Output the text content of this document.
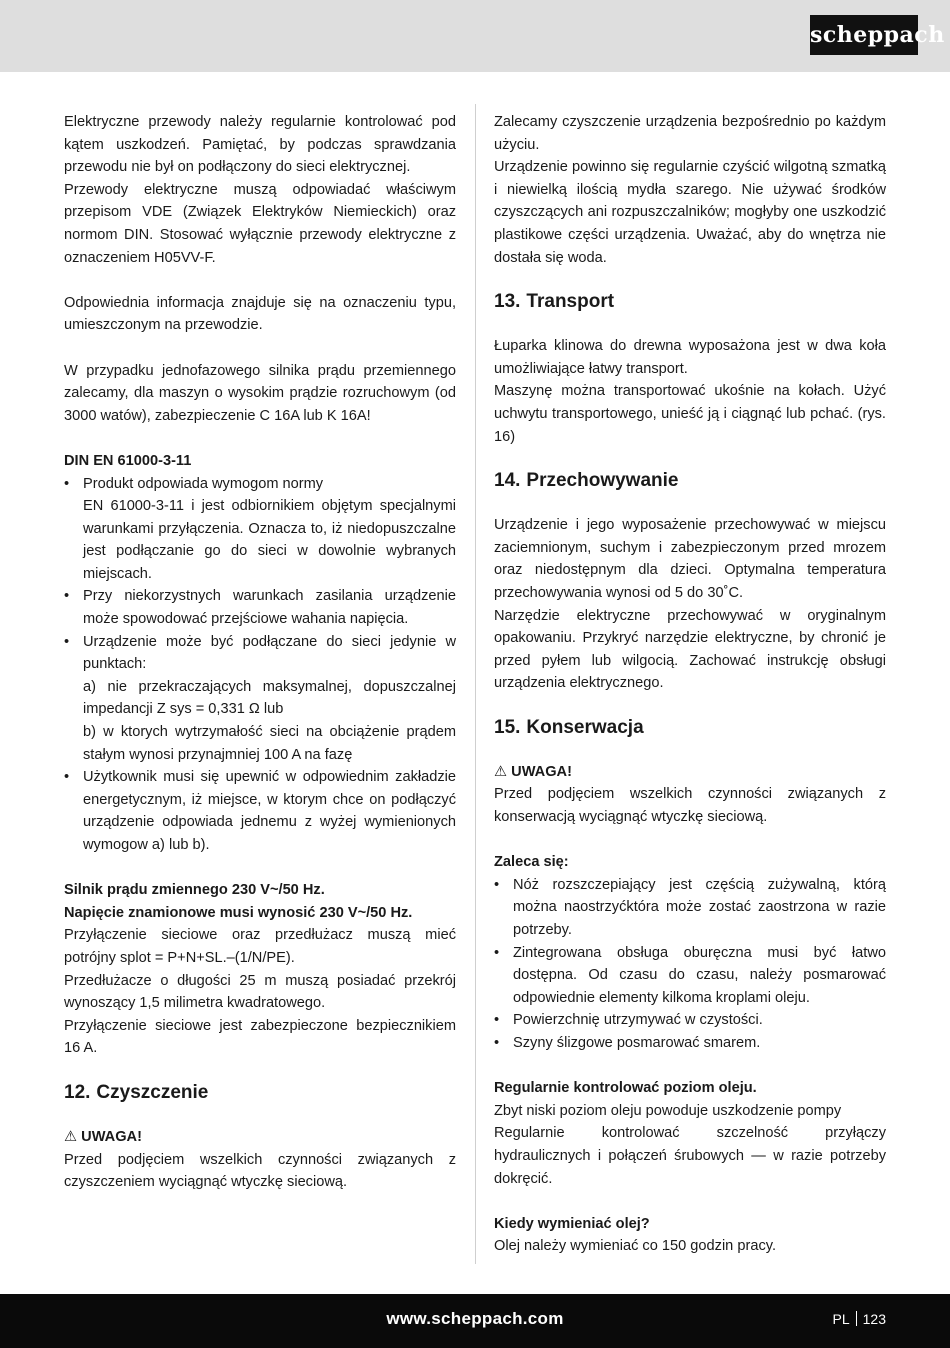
scheppach

Elektryczne przewody należy regularnie kontrolować pod kątem uszkodzeń. Pamiętać, by podczas sprawdzania przewodu nie był on podłączony do sieci elektrycznej.

Przewody elektryczne muszą odpowiadać właściwym przepisom VDE (Związek Elektryków Niemieckich) oraz normom DIN. Stosować wyłącznie przewody elektryczne z oznaczeniem H05VV-F.

Odpowiednia informacja znajduje się na oznaczeniu typu, umieszczonym na przewodzie.

W przypadku jednofazowego silnika prądu przemiennego zalecamy, dla maszyn o wysokim prądzie rozruchowym (od 3000 watów), zabezpieczenie C 16A lub K 16A!

DIN EN 61000-3-11

• Produkt odpowiada wymogom normy
EN 61000-3-11 i jest odbiornikiem objętym specjalnymi warunkami przyłączenia. Oznacza to, iż niedopuszczalne jest podłączanie go do sieci w dowolnie wybranych miejscach.
• Przy niekorzystnych warunkach zasilania urządzenie może spowodować przejściowe wahania napięcia.
• Urządzenie może być podłączane do sieci jedynie w punktach:
a) nie przekraczających maksymalnej, dopuszczalnej impedancji Z sys = 0,331 Ω lub
b) w ktorych wytrzymałość sieci na obciążenie prądem stałym wynosi przynajmniej 100 A na fazę
• Użytkownik musi się upewnić w odpowiednim zakładzie energetycznym, iż miejsce, w ktorym chce on podłączyć urządzenie odpowiada jednemu z wyżej wymienionych wymogow a) lub b).

Silnik prądu zmiennego 230 V~/50 Hz.

Napięcie znamionowe musi wynosić 230 V~/50 Hz.

Przyłączenie sieciowe oraz przedłużacz muszą mieć potrójny splot = P+N+SL.–(1/N/PE).

Przedłużacze o długości 25 m muszą posiadać przekrój wynoszący 1,5 milimetra kwadratowego.

Przyłączenie sieciowe jest zabezpieczone bezpiecznikiem 16 A.

12. Czyszczenie

⚠ UWAGA!

Przed podjęciem wszelkich czynności związanych z czyszczeniem wyciągnąć wtyczkę sieciową.

Zalecamy czyszczenie urządzenia bezpośrednio po każdym użyciu.

Urządzenie powinno się regularnie czyścić wilgotną szmatką i niewielką ilością mydła szarego. Nie używać środków czyszczących ani rozpuszczalników; mogłyby one uszkodzić plastikowe części urządzenia. Uważać, aby do wnętrza nie dostała się woda.

13. Transport

Łuparka klinowa do drewna wyposażona jest w dwa koła umożliwiające łatwy transport.

Maszynę można transportować ukośnie na kołach. Użyć uchwytu transportowego, unieść ją i ciągnąć lub pchać. (rys. 16)

14. Przechowywanie

Urządzenie i jego wyposażenie przechowywać w miejscu zaciemnionym, suchym i zabezpieczonym przed mrozem oraz niedostępnym dla dzieci. Optymalna temperatura przechowywania wynosi od 5 do 30˚C.

Narzędzie elektryczne przechowywać w oryginalnym opakowaniu. Przykryć narzędzie elektryczne, by chronić je przed pyłem lub wilgocią. Zachować instrukcję obsługi urządzenia elektrycznego.

15. Konserwacja

⚠ UWAGA!

Przed podjęciem wszelkich czynności związanych z konserwacją wyciągnąć wtyczkę sieciową.

Zaleca się:

• Nóż rozszczepiający jest częścią zużywalną, którą można naostrzyćktóra może zostać zaostrzona w razie potrzeby.
• Zintegrowana obsługa oburęczna musi być łatwo dostępna. Od czasu do czasu, należy posmarować odpowiednie elementy kilkoma kroplami oleju.
• Powierzchnię utrzymywać w czystości.
• Szyny ślizgowe posmarować smarem.

Regularnie kontrolować poziom oleju.

Zbyt niski poziom oleju powoduje uszkodzenie pompy

Regularnie kontrolować szczelność przyłączy hydraulicznych i połączeń śrubowych — w razie potrzeby dokręcić.

Kiedy wymieniać olej?

Olej należy wymieniać co 150 godzin pracy.

www.scheppach.com	PL 123
